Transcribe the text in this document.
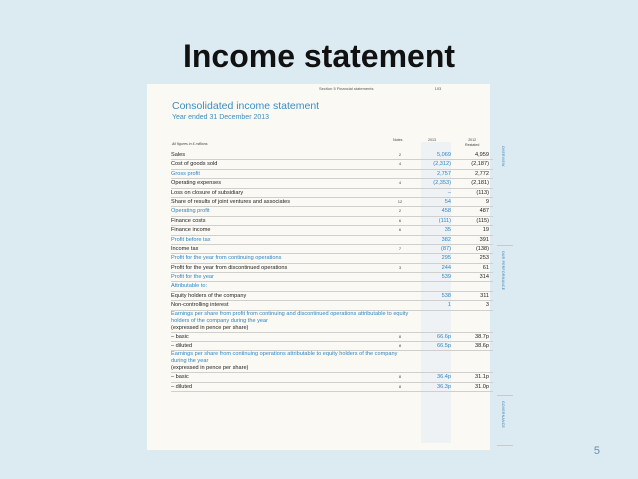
Income statement
Section 5 Financial statements	103
Consolidated income statement
Year ended 31 December 2013
All figures in £ millions
Notes	2013	2012
Restated
Sales	2	5,069	4,959
Cost of goods sold	4	(2,312)	(2,187)
Gross profit	2,757	2,772
Operating expenses	4	(2,353)	(2,181)
Loss on closure of subsidiary	–	(113)
Share of results of joint ventures and associates	12	54	9
Operating profit	2	458	487
Finance costs	6	(111)	(115)
Finance income	6	35	19
Profit before tax	382	391
Income tax	7	(87)	(138)
Profit for the year from continuing operations	295	253
Profit for the year from discontinued operations	3	244	61
Profit for the year	539	314
Attributable to:
Equity holders of the company	538	311
Non-controlling interest	1	3
Earnings per share from profit from continuing and discontinued operations attributable to equity holders of the company during the year
(expressed in pence per share)
– basic	8	66.6p	38.7p
– diluted	8	66.5p	38.6p
Earnings per share from continuing operations attributable to equity holders of the company during the year
(expressed in pence per share)
– basic	8	36.4p	31.1p
– diluted	8	36.3p	31.0p
OVERVIEW
OUR PERFORMANCE
GOVERNANCE
5
